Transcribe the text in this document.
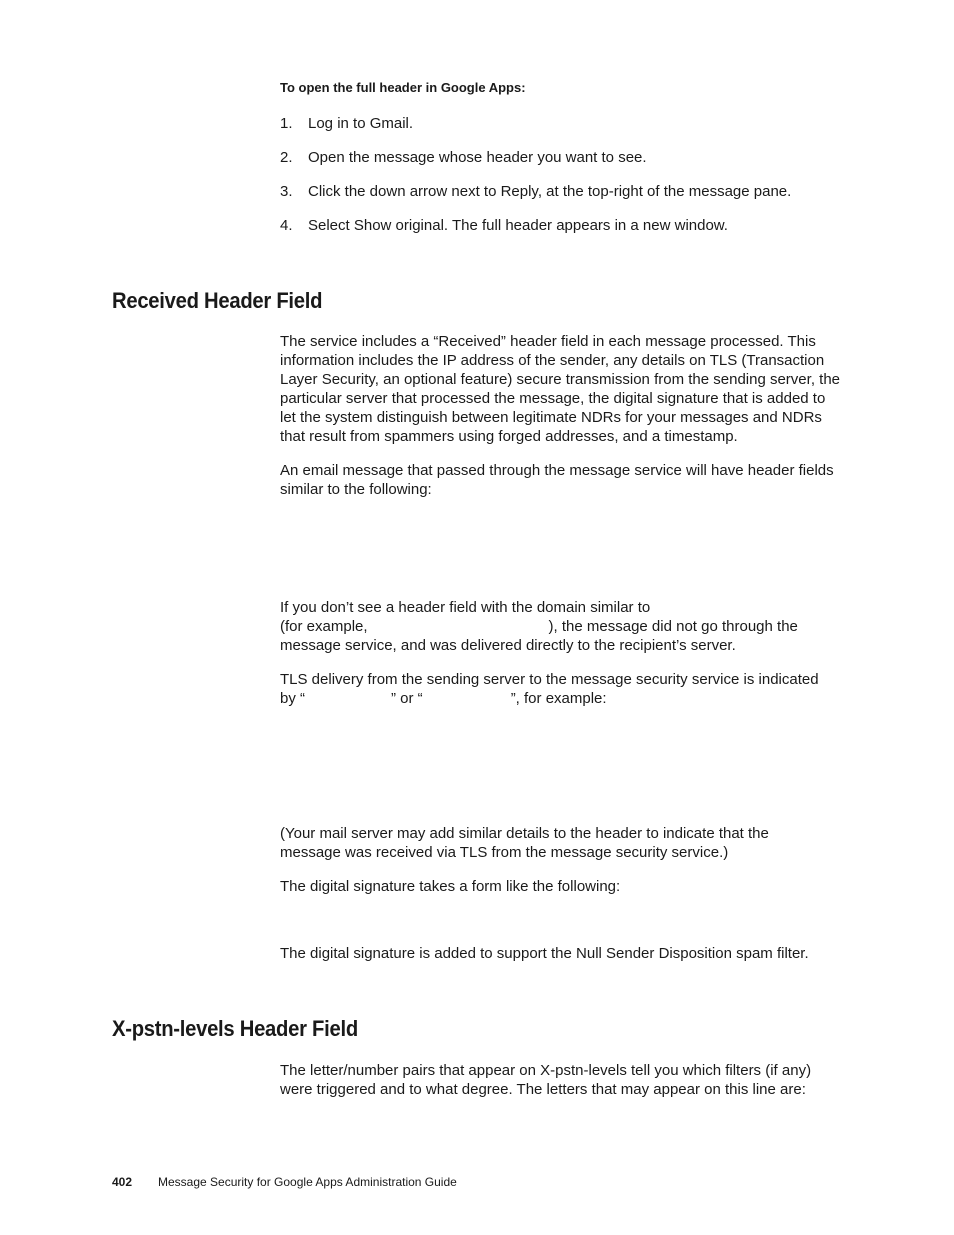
To open the full header in Google Apps:
1. Log in to Gmail.
2. Open the message whose header you want to see.
3. Click the down arrow next to Reply, at the top-right of the message pane.
4. Select Show original. The full header appears in a new window.
Received Header Field

The service includes a “Received” header field in each message processed. This information includes the IP address of the sender, any details on TLS (Transaction Layer Security, an optional feature) secure transmission from the sending server, the particular server that processed the message, the digital signature that is added to let the system distinguish between legitimate NDRs for your messages and NDRs that result from spammers using forged addresses, and a timestamp.

An email message that passed through the message service will have header fields similar to the following:

If you don’t see a header field with the domain similar to
(for example,	), the message did not go through the
message service, and was delivered directly to the recipient’s server.
TLS delivery from the sending server to the message security service is indicated
by “	” or “	”, for example:

(Your mail server may add similar details to the header to indicate that the message was received via TLS from the message security service.)

The digital signature takes a form like the following:

The digital signature is added to support the Null Sender Disposition spam filter.

X-pstn-levels Header Field

The letter/number pairs that appear on X-pstn-levels tell you which filters (if any) were triggered and to what degree. The letters that may appear on this line are:

402 Message Security for Google Apps Administration Guide
